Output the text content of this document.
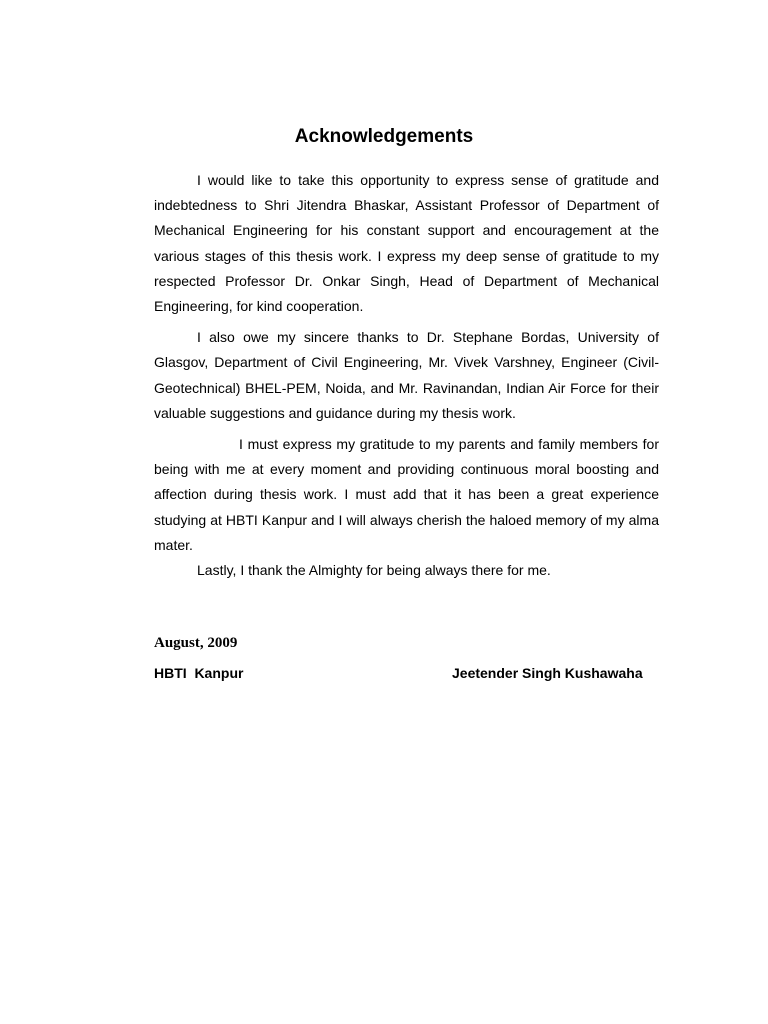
Acknowledgements

I would like to take this opportunity to express sense of gratitude and indebtedness to Shri Jitendra Bhaskar, Assistant Professor of Department of Mechanical Engineering for his constant support and encouragement at the various stages of this thesis work. I express my deep sense of gratitude to my respected Professor Dr. Onkar Singh, Head of Department of Mechanical Engineering, for kind cooperation.

I also owe my sincere thanks to Dr. Stephane Bordas, University of Glasgov, Department of Civil Engineering, Mr. Vivek Varshney, Engineer (Civil-Geotechnical) BHEL-PEM, Noida, and Mr. Ravinandan, Indian Air Force for their valuable suggestions and guidance during my thesis work.

I must express my gratitude to my parents and family members for being with me at every moment and providing continuous moral boosting and affection during thesis work. I must add that it has been a great experience studying at HBTI Kanpur and I will always cherish the haloed memory of my alma mater.

Lastly, I thank the Almighty for being always there for me.

August, 2009

HBTI  Kanpur	Jeetender Singh Kushawaha
